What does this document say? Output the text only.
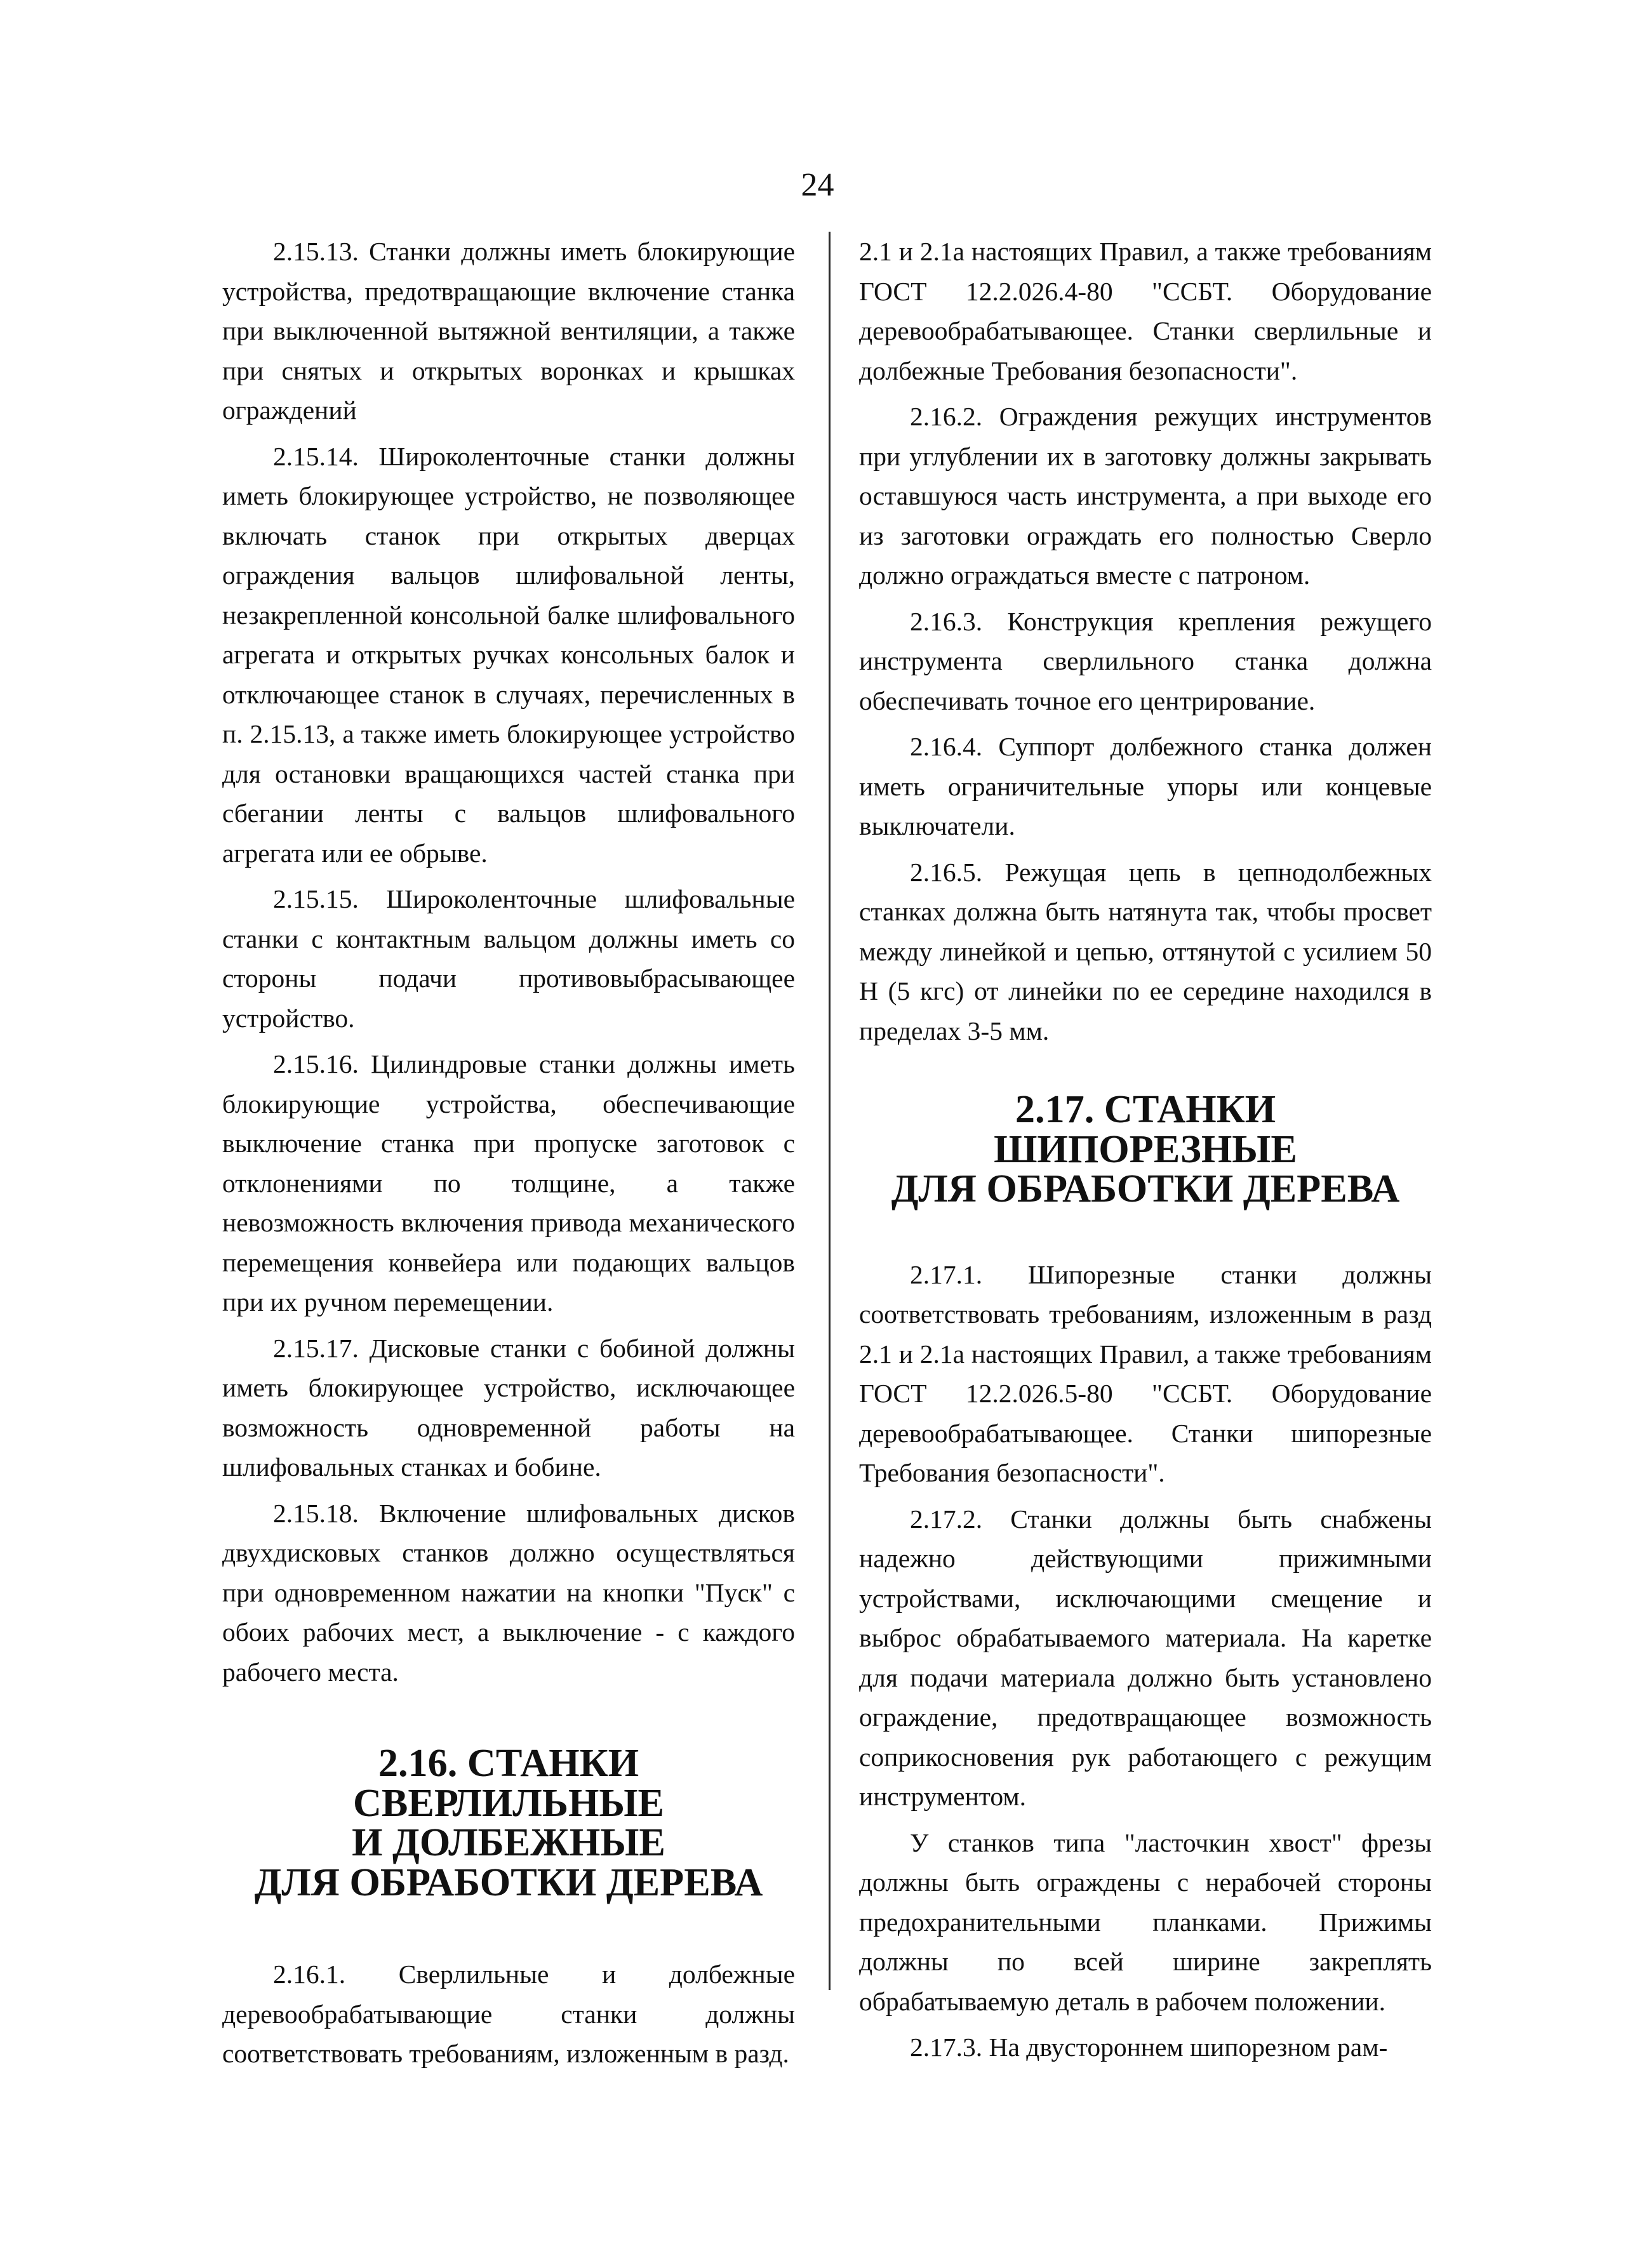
24

2.15.13. Станки должны иметь блокирующие устройства, предотвращающие включение станка при выключенной вытяжной вентиляции, а также при снятых и открытых воронках и крышках ограждений

2.15.14. Широколенточные станки должны иметь блокирующее устройство, не позволяющее включать станок при открытых дверцах ограждения вальцов шлифовальной ленты, незакрепленной консольной балке шлифовального агрегата и открытых ручках консольных балок и отключающее станок в случаях, перечисленных в п. 2.15.13, а также иметь блокирующее устройство для остановки вращающихся частей станка при сбегании ленты с вальцов шлифовального агрегата или ее обрыве.

2.15.15. Широколенточные шлифовальные станки с контактным вальцом должны иметь со стороны подачи противовыбрасывающее устройство.

2.15.16. Цилиндровые станки должны иметь блокирующие устройства, обеспечивающие выключение станка при пропуске заготовок с отклонениями по толщине, а также невозможность включения привода механического перемещения конвейера или подающих вальцов при их ручном перемещении.

2.15.17. Дисковые станки с бобиной должны иметь блокирующее устройство, исключающее возможность одновременной работы на шлифовальных станках и бобине.

2.15.18. Включение шлифовальных дисков двухдисковых станков должно осуществляться при одновременном нажатии на кнопки "Пуск" с обоих рабочих мест, а выключение - с каждого рабочего места.

2.16. СТАНКИ СВЕРЛИЛЬНЫЕ
И ДОЛБЕЖНЫЕ
ДЛЯ ОБРАБОТКИ ДЕРЕВА

2.16.1. Сверлильные и долбежные деревообрабатывающие станки должны соответствовать требованиям, изложенным в разд.

2.1 и 2.1а настоящих Правил, а также требованиям ГОСТ 12.2.026.4-80 "ССБТ. Оборудование деревообрабатывающее. Станки сверлильные и долбежные Требования безопасности".

2.16.2. Ограждения режущих инструментов при углублении их в заготовку должны закрывать оставшуюся часть инструмента, а при выходе его из заготовки ограждать его полностью Сверло должно ограждаться вместе с патроном.

2.16.3. Конструкция крепления режущего инструмента сверлильного станка должна обеспечивать точное его центрирование.

2.16.4. Суппорт долбежного станка должен иметь ограничительные упоры или концевые выключатели.

2.16.5. Режущая цепь в цепнодолбежных станках должна быть натянута так, чтобы просвет между линейкой и цепью, оттянутой с усилием 50 Н (5 кгс) от линейки по ее середине находился в пределах 3-5 мм.

2.17. СТАНКИ ШИПОРЕЗНЫЕ
ДЛЯ ОБРАБОТКИ ДЕРЕВА

2.17.1. Шипорезные станки должны соответствовать требованиям, изложенным в разд 2.1 и 2.1а настоящих Правил, а также требованиям ГОСТ 12.2.026.5-80 "ССБТ. Оборудование деревообрабатывающее. Станки шипорезные Требования безопасности".

2.17.2. Станки должны быть снабжены надежно действующими прижимными устройствами, исключающими смещение и выброс обрабатываемого материала. На каретке для подачи материала должно быть установлено ограждение, предотвращающее возможность соприкосновения рук работающего с режущим инструментом.

У станков типа "ласточкин хвост" фрезы должны быть ограждены с нерабочей стороны предохранительными планками. Прижимы должны по всей ширине закреплять обрабатываемую деталь в рабочем положении.

2.17.3. На двустороннем шипорезном рам-
